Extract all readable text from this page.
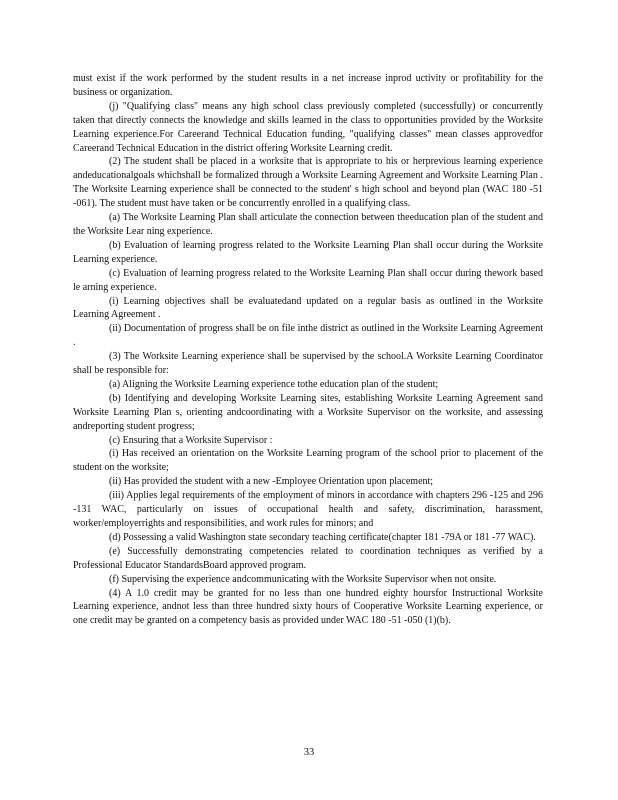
must exist if the work performed by the student results in a net increase inprod uctivity or profitability for the business or organization.

(j) "Qualifying class" means any high school class previously completed (successfully) or concurrently taken that directly connects the knowledge and skills learned in the class to opportunities provided by the Worksite Learning experience.For Careerand Technical Education funding, "qualifying classes" mean classes approvedfor Careerand Technical Education in the district offering Worksite Learning credit.

(2) The student shall be placed in a worksite that is appropriate to his or herprevious learning experience andeducationalgoals whichshall be formalized through a Worksite Learning Agreement and Worksite Learning Plan . The Worksite Learning experience shall be connected to the student' s high school and beyond plan (WAC 180 -51 -061). The student must have taken or be concurrently enrolled in a qualifying class.

(a) The Worksite Learning Plan shall articulate the connection between theeducation plan of the student and the Worksite Lear ning experience.

(b) Evaluation of learning progress related to the Worksite Learning Plan shall occur during the Worksite Learning experience.

(c) Evaluation of learning progress related to the Worksite Learning Plan shall occur during thework based le arning experience.

(i) Learning objectives shall be evaluatedand updated on a regular basis as outlined in the Worksite Learning Agreement .

(ii) Documentation of progress shall be on file inthe district as outlined in the Worksite Learning Agreement .

(3) The Worksite Learning experience shall be supervised by the school.A Worksite Learning Coordinator shall be responsible for:

(a) Aligning the Worksite Learning experience tothe education plan of the student;

(b) Identifying and developing Worksite Learning sites, establishing Worksite Learning Agreement sand Worksite Learning Plan s, orienting andcoordinating with a Worksite Supervisor on the worksite, and assessing andreporting student progress;

(c) Ensuring that a Worksite Supervisor :

(i) Has received an orientation on the Worksite Learning program of the school prior to placement of the student on the worksite;

(ii) Has provided the student with a new -Employee Orientation upon placement;

(iii) Applies legal requirements of the employment of minors in accordance with chapters 296 -125 and 296 -131 WAC, particularly on issues of occupational health and safety, discrimination, harassment, worker/employerrights and responsibilities, and work rules for minors; and

(d) Possessing a valid Washington state secondary teaching certificate(chapter 181 -79A or 181 -77 WAC).

(e) Successfully demonstrating competencies related to coordination techniques as verified by a Professional Educator StandardsBoard approved program.

(f) Supervising the experience andcommunicating with the Worksite Supervisor when not onsite.

(4) A 1.0 credit may be granted for no less than one hundred eighty hoursfor Instructional Worksite Learning experience, andnot less than three hundred sixty hours of Cooperative Worksite Learning experience, or one credit may be granted on a competency basis as provided under WAC 180 -51 -050 (1)(b).

33
